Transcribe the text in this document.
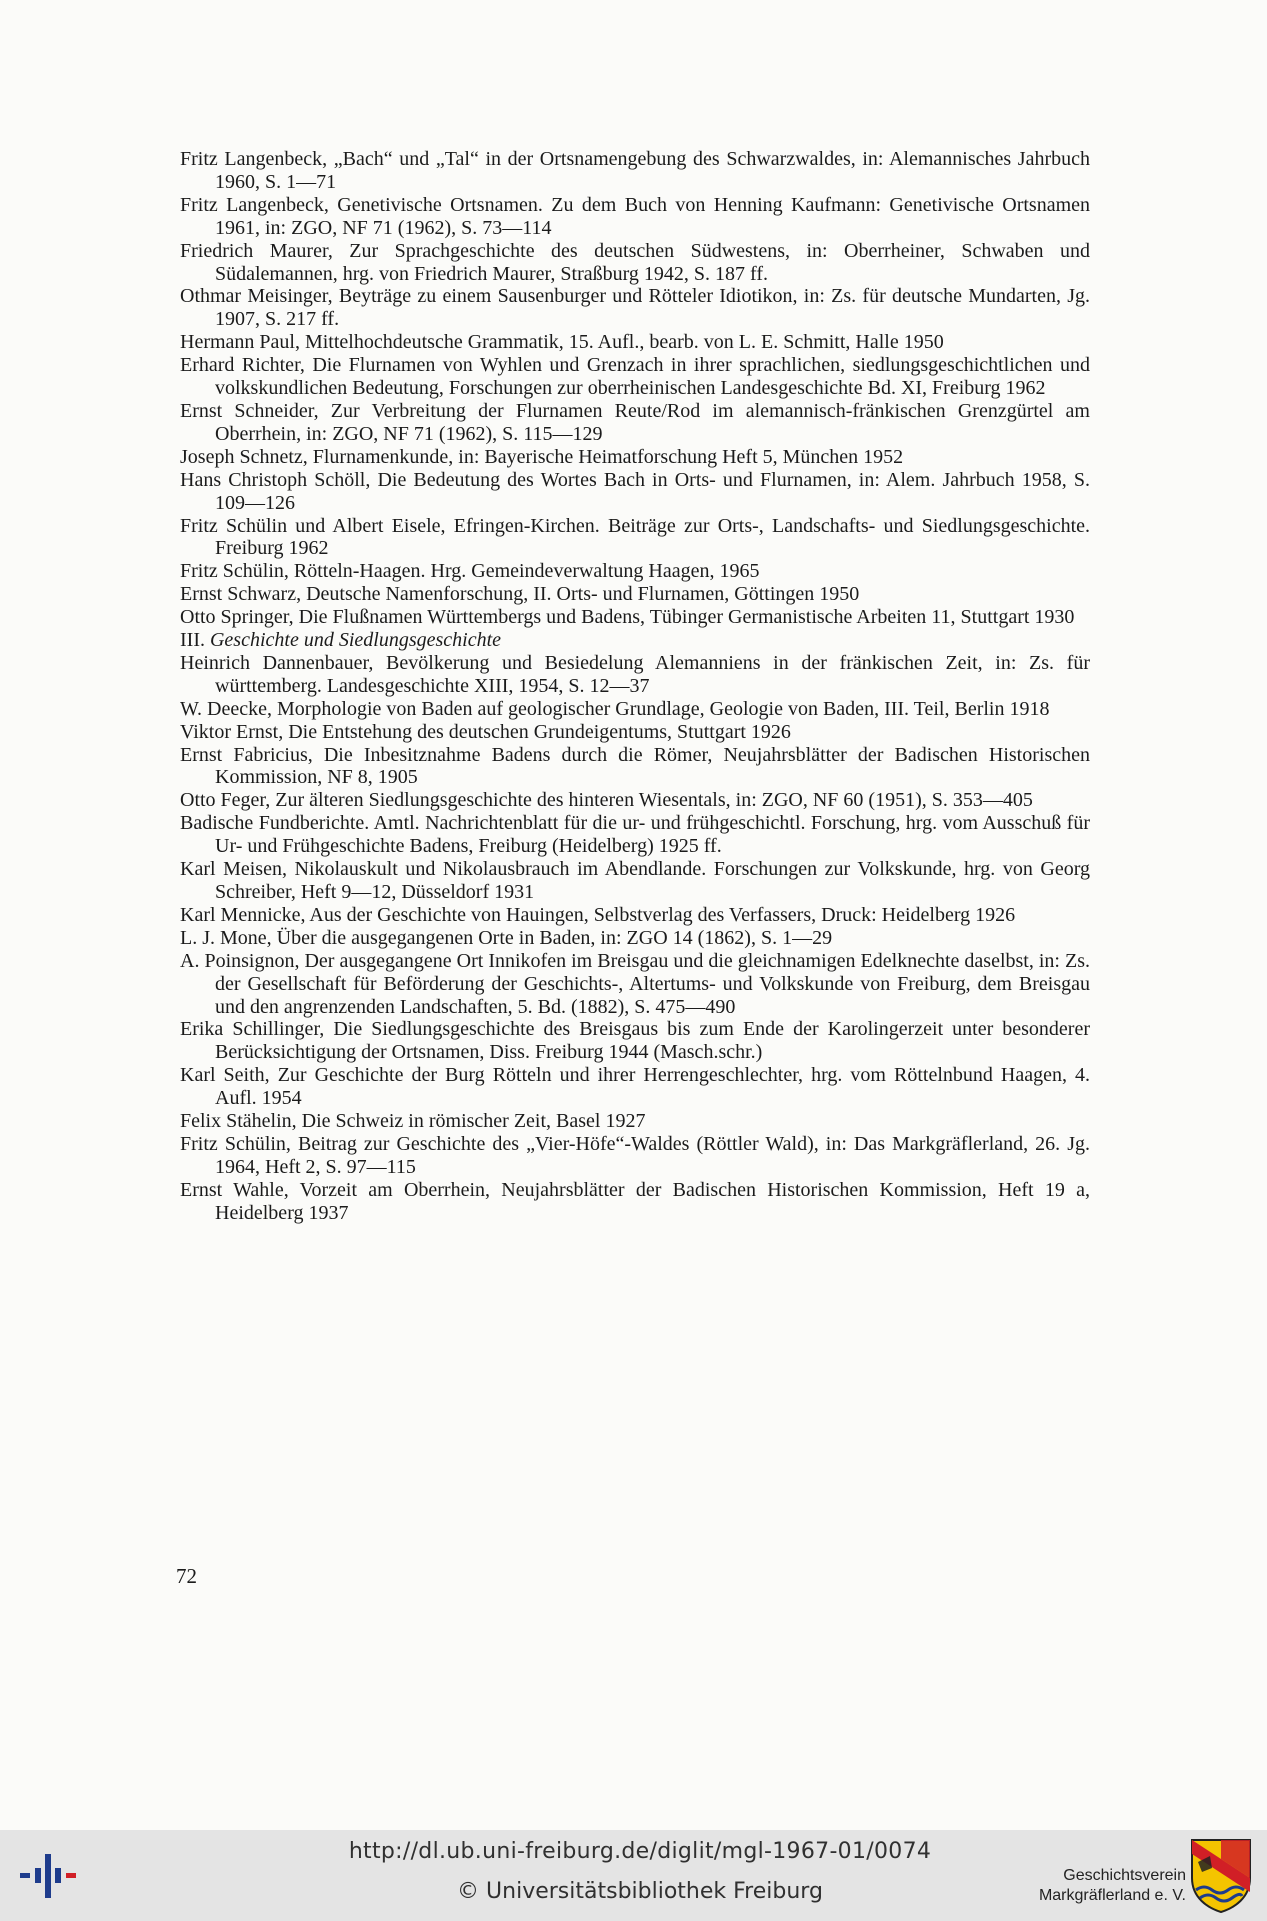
Fritz Langenbeck, „Bach“ und „Tal“ in der Ortsnamengebung des Schwarzwaldes, in: Alemannisches Jahrbuch 1960, S. 1—71

Fritz Langenbeck, Genetivische Ortsnamen. Zu dem Buch von Henning Kaufmann: Genetivische Ortsnamen 1961, in: ZGO, NF 71 (1962), S. 73—114

Friedrich Maurer, Zur Sprachgeschichte des deutschen Südwestens, in: Oberrheiner, Schwaben und Südalemannen, hrg. von Friedrich Maurer, Straßburg 1942, S. 187 ff.

Othmar Meisinger, Beyträge zu einem Sausenburger und Rötteler Idiotikon, in: Zs. für deutsche Mundarten, Jg. 1907, S. 217 ff.

Hermann Paul, Mittelhochdeutsche Grammatik, 15. Aufl., bearb. von L. E. Schmitt, Halle 1950

Erhard Richter, Die Flurnamen von Wyhlen und Grenzach in ihrer sprachlichen, siedlungsgeschichtlichen und volkskundlichen Bedeutung, Forschungen zur oberrheinischen Landesgeschichte Bd. XI, Freiburg 1962

Ernst Schneider, Zur Verbreitung der Flurnamen Reute/Rod im alemannisch-fränkischen Grenzgürtel am Oberrhein, in: ZGO, NF 71 (1962), S. 115—129

Joseph Schnetz, Flurnamenkunde, in: Bayerische Heimatforschung Heft 5, München 1952

Hans Christoph Schöll, Die Bedeutung des Wortes Bach in Orts- und Flurnamen, in: Alem. Jahrbuch 1958, S. 109—126

Fritz Schülin und Albert Eisele, Efringen-Kirchen. Beiträge zur Orts-, Landschafts- und Siedlungsgeschichte. Freiburg 1962

Fritz Schülin, Rötteln-Haagen. Hrg. Gemeindeverwaltung Haagen, 1965

Ernst Schwarz, Deutsche Namenforschung, II. Orts- und Flurnamen, Göttingen 1950

Otto Springer, Die Flußnamen Württembergs und Badens, Tübinger Germanistische Arbeiten 11, Stuttgart 1930

III. Geschichte und Siedlungsgeschichte

Heinrich Dannenbauer, Bevölkerung und Besiedelung Alemanniens in der fränkischen Zeit, in: Zs. für württemberg. Landesgeschichte XIII, 1954, S. 12—37

W. Deecke, Morphologie von Baden auf geologischer Grundlage, Geologie von Baden, III. Teil, Berlin 1918

Viktor Ernst, Die Entstehung des deutschen Grundeigentums, Stuttgart 1926

Ernst Fabricius, Die Inbesitznahme Badens durch die Römer, Neujahrsblätter der Badischen Historischen Kommission, NF 8, 1905

Otto Feger, Zur älteren Siedlungsgeschichte des hinteren Wiesentals, in: ZGO, NF 60 (1951), S. 353—405

Badische Fundberichte. Amtl. Nachrichtenblatt für die ur- und frühgeschichtl. Forschung, hrg. vom Ausschuß für Ur- und Frühgeschichte Badens, Freiburg (Heidelberg) 1925 ff.

Karl Meisen, Nikolauskult und Nikolausbrauch im Abendlande. Forschungen zur Volkskunde, hrg. von Georg Schreiber, Heft 9—12, Düsseldorf 1931

Karl Mennicke, Aus der Geschichte von Hauingen, Selbstverlag des Verfassers, Druck: Heidelberg 1926

L. J. Mone, Über die ausgegangenen Orte in Baden, in: ZGO 14 (1862), S. 1—29

A. Poinsignon, Der ausgegangene Ort Innikofen im Breisgau und die gleichnamigen Edelknechte daselbst, in: Zs. der Gesellschaft für Beförderung der Geschichts-, Altertums- und Volkskunde von Freiburg, dem Breisgau und den angrenzenden Landschaften, 5. Bd. (1882), S. 475—490

Erika Schillinger, Die Siedlungsgeschichte des Breisgaus bis zum Ende der Karolingerzeit unter besonderer Berücksichtigung der Ortsnamen, Diss. Freiburg 1944 (Masch.schr.)

Karl Seith, Zur Geschichte der Burg Rötteln und ihrer Herrengeschlechter, hrg. vom Röttelnbund Haagen, 4. Aufl. 1954

Felix Stähelin, Die Schweiz in römischer Zeit, Basel 1927

Fritz Schülin, Beitrag zur Geschichte des „Vier-Höfe“-Waldes (Röttler Wald), in: Das Markgräflerland, 26. Jg. 1964, Heft 2, S. 97—115

Ernst Wahle, Vorzeit am Oberrhein, Neujahrsblätter der Badischen Historischen Kommission, Heft 19 a, Heidelberg 1937

72
http://dl.ub.uni-freiburg.de/diglit/mgl-1967-01/0074
© Universitätsbibliothek Freiburg
Geschichtsverein
Markgräflerland e. V.
